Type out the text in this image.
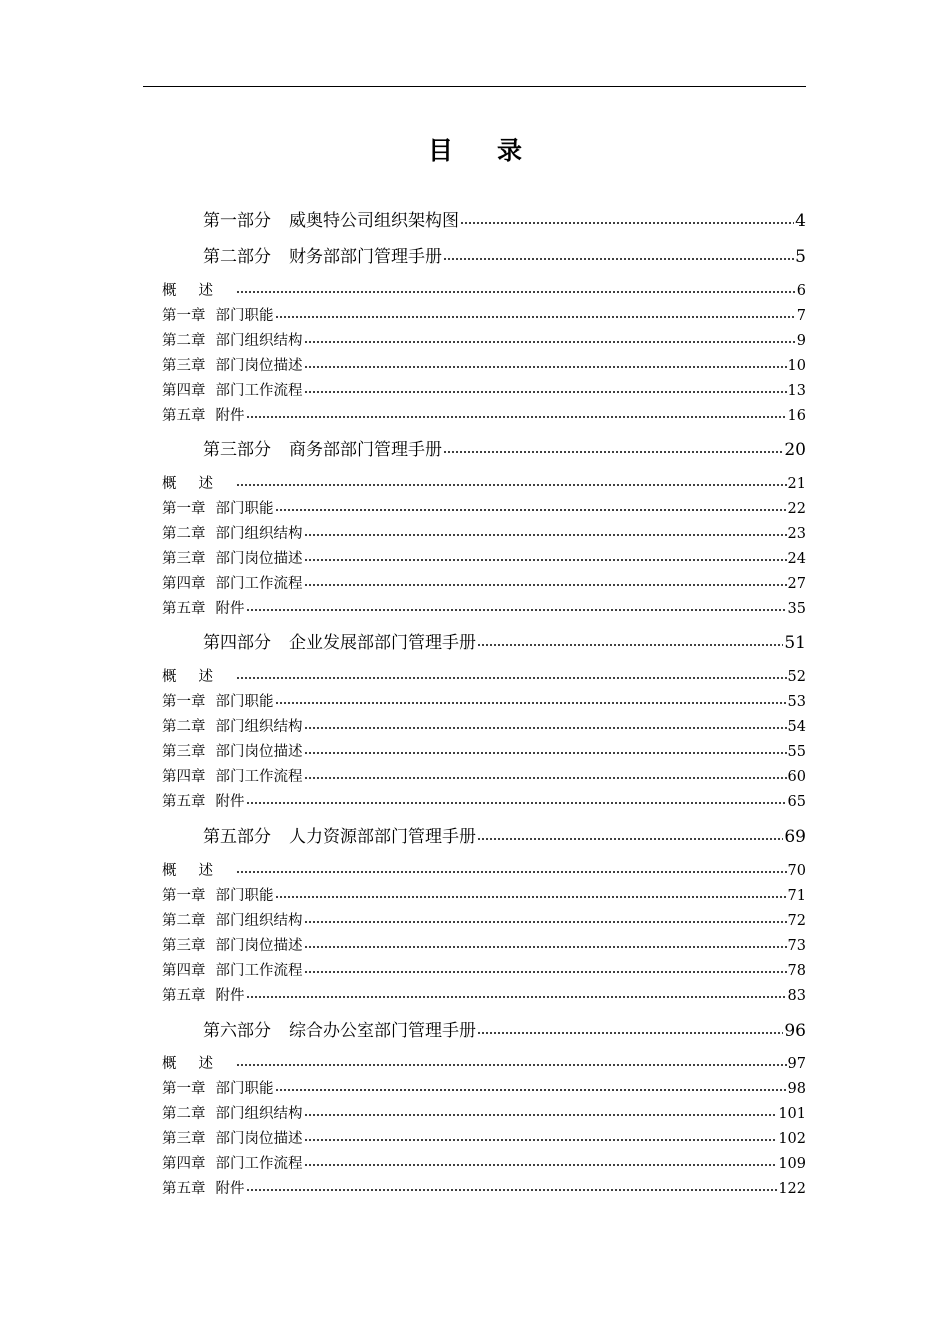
目 录
第一部分 威奥特公司组织架构图	4
第二部分 财务部部门管理手册	5
概述	6
第一章 部门职能	7
第二章 部门组织结构	9
第三章 部门岗位描述	10
第四章 部门工作流程	13
第五章 附件	16
第三部分 商务部部门管理手册	20
概述	21
第一章 部门职能	22
第二章 部门组织结构	23
第三章 部门岗位描述	24
第四章 部门工作流程	27
第五章 附件	35
第四部分 企业发展部部门管理手册	51
概述	52
第一章 部门职能	53
第二章 部门组织结构	54
第三章 部门岗位描述	55
第四章 部门工作流程	60
第五章 附件	65
第五部分 人力资源部部门管理手册	69
概述	70
第一章 部门职能	71
第二章 部门组织结构	72
第三章 部门岗位描述	73
第四章 部门工作流程	78
第五章 附件	83
第六部分 综合办公室部门管理手册	96
概述	97
第一章 部门职能	98
第二章 部门组织结构	101
第三章 部门岗位描述	102
第四章 部门工作流程	109
第五章 附件	122
